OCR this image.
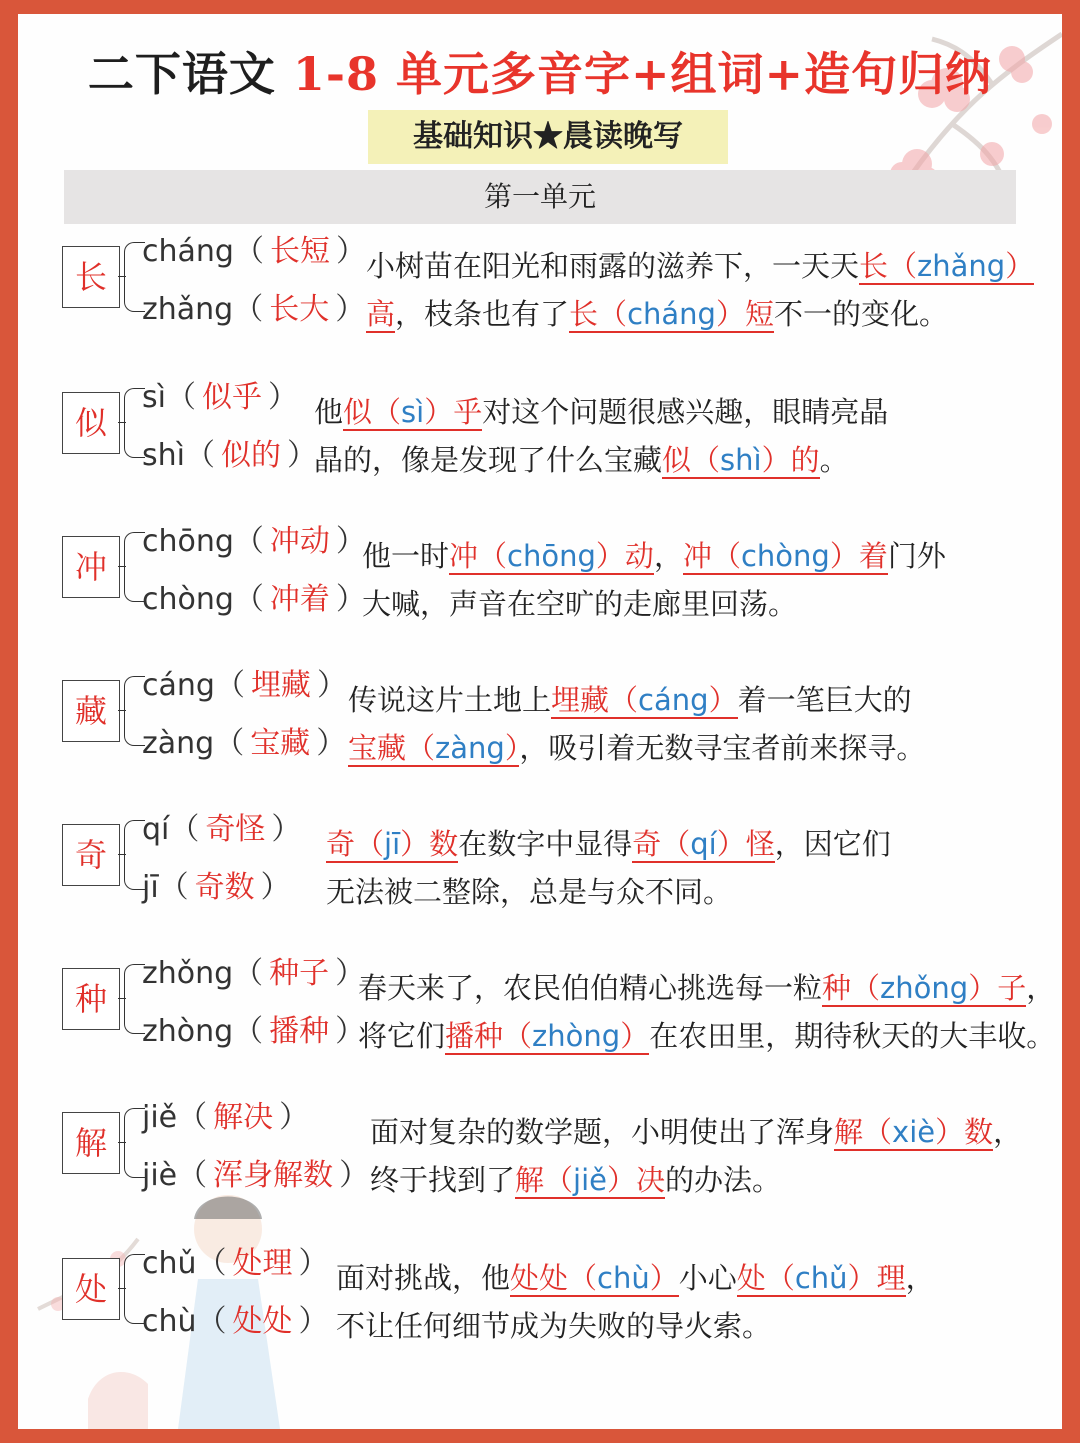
二下语文 1-8 单元多音字+组词+造句归纳
基础知识★晨读晚写
第一单元
长
cháng（ 长短 ）
zhǎng（ 长大 ）
小树苗在阳光和雨露的滋养下，一天天长（zhǎng）
高，枝条也有了长（cháng）短不一的变化。
似
sì（ 似乎 ）
shì（ 似的 ）
他似（sì）乎对这个问题很感兴趣，眼睛亮晶
晶的，像是发现了什么宝藏似（shì）的。
冲
chōng（ 冲动 ）
chòng（ 冲着 ）
他一时冲（chōng）动，冲（chòng）着门外
大喊，声音在空旷的走廊里回荡。
藏
cáng（ 埋藏 ）
zàng（ 宝藏 ）
传说这片土地上埋藏（cáng）着一笔巨大的
宝藏（zàng），吸引着无数寻宝者前来探寻。
奇
qí（ 奇怪 ）
jī（ 奇数 ）
奇（jī）数在数字中显得奇（qí）怪，因它们
无法被二整除，总是与众不同。
种
zhǒng（ 种子 ）
zhòng（ 播种 ）
春天来了，农民伯伯精心挑选每一粒种（zhǒng）子，
将它们播种（zhòng）在农田里，期待秋天的大丰收。
解
jiě（ 解决 ）
jiè（ 浑身解数 ）
面对复杂的数学题，小明使出了浑身解（xiè）数，
终于找到了解（jiě）决的办法。
处
chǔ（ 处理 ）
chù（ 处处 ）
面对挑战，他处处（chù）小心处（chǔ）理，
不让任何细节成为失败的导火索。
